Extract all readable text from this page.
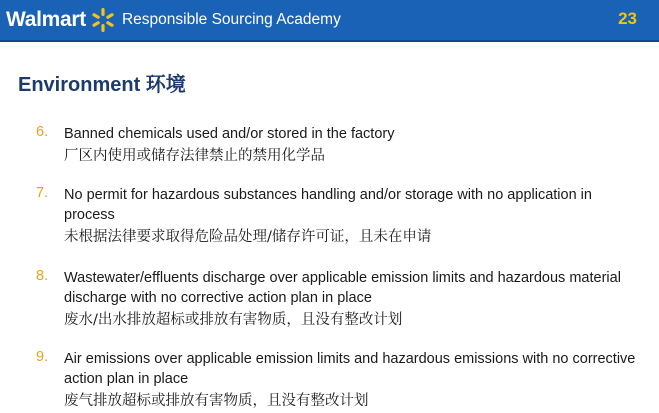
Walmart Responsible Sourcing Academy	23
Environment 环境
6. Banned chemicals used and/or stored in the factory
厂区内使用或储存法律禁止的禁用化学品
7. No permit for hazardous substances handling and/or storage with no application in process
未根据法律要求取得危险品处理/储存许可证，且未在申请
8. Wastewater/effluents discharge over applicable emission limits and hazardous material discharge with no corrective action plan in place
废水/出水排放超标或排放有害物质，且没有整改计划
9. Air emissions over applicable emission limits and hazardous emissions with no corrective action plan in place
废气排放超标或排放有害物质，且没有整改计划
